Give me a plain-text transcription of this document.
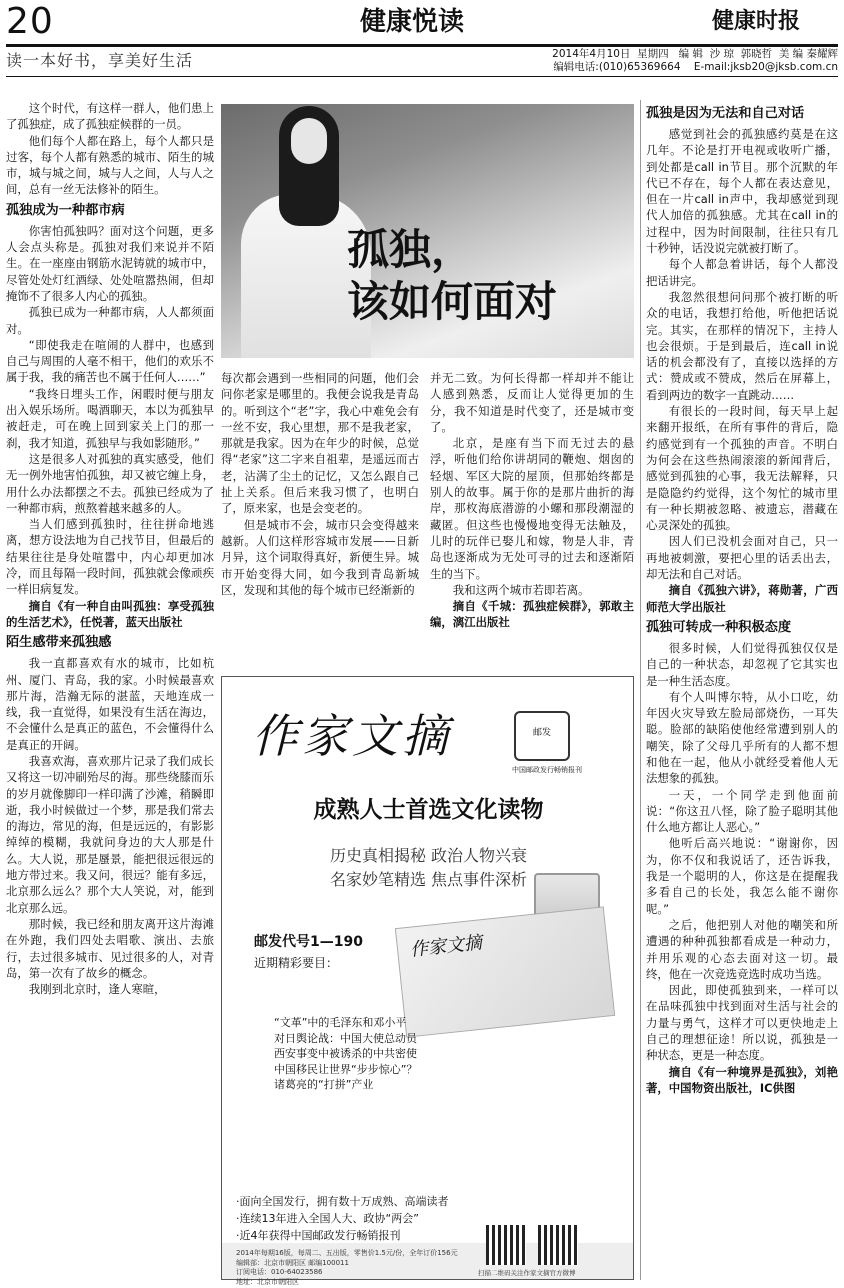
20	健康悦读	健康时报
读一本好书，享美好生活	2014年4月10日  星期四   编 辑  沙 琼  郭晓哲  美 编 秦耀辉
编辑电话:(010)65369664    E-mail:jksb20@jksb.com.cn

这个时代，有这样一群人，他们患上了孤独症，成了孤独症候群的一员。

他们每个人都在路上，每个人都只是过客，每个人都有熟悉的城市、陌生的城市，城与城之间，城与人之间，人与人之间，总有一丝无法修补的陌生。

孤独成为一种都市病

你害怕孤独吗？面对这个问题，更多人会点头称是。孤独对我们来说并不陌生。在一座座由钢筋水泥铸就的城市中，尽管处处灯红酒绿、处处喧嚣热闹，但却掩饰不了很多人内心的孤独。

孤独已成为一种都市病，人人都须面对。

“即使我走在喧闹的人群中，也感到自己与周围的人毫不相干，他们的欢乐不属于我，我的痛苦也不属于任何人……”

“我终日埋头工作，闲暇时便与朋友出入娱乐场所。喝酒聊天，本以为孤独早被赶走，可在晚上回到家关上门的那一刹，我才知道，孤独早与我如影随形。”

这是很多人对孤独的真实感受，他们无一例外地害怕孤独，却又被它缠上身，用什么办法都摆之不去。孤独已经成为了一种都市病，煎熬着越来越多的人。

当人们感到孤独时，往往拼命地逃离，想方设法地为自己找节目，但最后的结果往往是身处喧嚣中，内心却更加冰冷，而且每隔一段时间，孤独就会像顽疾一样旧病复发。

摘自《有一种自由叫孤独：享受孤独的生活艺术》，任悦著，蓝天出版社

陌生感带来孤独感

我一直都喜欢有水的城市，比如杭州、厦门、青岛，我的家。小时候最喜欢那片海，浩瀚无际的湛蓝，天地连成一线，我一直觉得，如果没有生活在海边，不会懂什么是真正的蓝色，不会懂得什么是真正的开阔。

我喜欢海，喜欢那片记录了我们成长又将这一切冲刷殆尽的海。那些绕膝而乐的岁月就像脚印一样印满了沙滩，稍瞬即逝，我小时候做过一个梦，那是我们常去的海边，常见的海，但是远远的，有影影绰绰的模糊，我就问身边的大人那是什么。大人说，那是蜃景，能把很远很远的地方带过来。我又问，很远？能有多远，北京那么远么？那个大人笑说，对，能到北京那么远。

那时候，我已经和朋友离开这片海滩在外跑，我们四处去唱歌、演出、去旅行，去过很多城市、见过很多的人，对青岛，第一次有了故乡的概念。

我刚到北京时，逢人寒暄，

孤独，
该如何面对

每次都会遇到一些相同的问题，他们会问你老家是哪里的。我便会说我是青岛的。听到这个“老”字，我心中难免会有一丝不安，我心里想，那不是我老家，那就是我家。因为在年少的时候，总觉得“老家”这二字来自祖辈，是遥远而古老，沾满了尘土的记忆，又怎么跟自己扯上关系。但后来我习惯了，也明白了，原来家，也是会变老的。

但是城市不会，城市只会变得越来越新。人们这样形容城市发展——日新月异，这个词取得真好，新便生异。城市开始变得大同，如今我到青岛新城区，发现和其他的每个城市已经渐新的

并无二致。为何长得都一样却并不能让人感到熟悉，反而让人觉得更加的生分，我不知道是时代变了，还是城市变了。

北京，是座有当下而无过去的悬浮，听他们给你讲胡同的鞭炮、烟囱的轻烟、军区大院的屋顶，但那始终都是别人的故事。属于你的是那片曲折的海岸，那枚海底潜游的小螺和那段潮湿的藏匿。但这些也慢慢地变得无法触及，儿时的玩伴已娶儿和嫁，物是人非，青岛也逐渐成为无处可寻的过去和逐渐陌生的当下。

我和这两个城市若即若离。

摘自《千城：孤独症候群》，郭敢主编，漓江出版社

作家文摘	邮发
中国邮政发行畅销报刊
成熟人士首选文化读物
历史真相揭秘 政治人物兴衰
名家妙笔精选 焦点事件深析
作家文摘
邮发代号1—190
近期精彩要目：
“文革”中的毛泽东和邓小平
对日舆论战：中国大使总动员
西安事变中被诱杀的中共密使
中国移民让世界“步步惊心”？
诸葛亮的“打拼”产业
·面向全国发行，拥有数十万成熟、高端读者
·连续13年进入全国人大、政协“两会”
·近4年获得中国邮政发行畅销报刊
2014年每期16版，每周二、五出版，零售价1.5元/份，全年订价156元
编辑部：北京市朝阳区 邮编100011
订阅电话：010-64023586
地址：北京市朝阳区
扫描二维码关注作家文摘官方微博
孤独是因为无法和自己对话

感觉到社会的孤独感约莫是在这几年。不论是打开电视或收听广播，到处都是call in节目。那个沉默的年代已不存在，每个人都在表达意见，但在一片call in声中，我却感觉到现代人加倍的孤独感。尤其在call in的过程中，因为时间限制，往往只有几十秒钟，话没说完就被打断了。

每个人都急着讲话，每个人都没把话讲完。

我忽然很想问问那个被打断的听众的电话，我想打给他，听他把话说完。其实，在那样的情况下，主持人也会很烦。于是到最后，连call in说话的机会都没有了，直接以选择的方式：赞成或不赞成，然后在屏幕上，看到两边的数字一直跳动……

有很长的一段时间，每天早上起来翻开报纸，在所有事件的背后，隐约感觉到有一个孤独的声音。不明白为何会在这些热闹滚滚的新闻背后，感觉到孤独的心事，我无法解释，只是隐隐约约觉得，这个匆忙的城市里有一种长期被忽略、被遗忘，潜藏在心灵深处的孤独。

因人们已没机会面对自己，只一再地被刺激，要把心里的话丢出去，却无法和自己对话。

摘自《孤独六讲》，蒋勋著，广西师范大学出版社

孤独可转成一种积极态度

很多时候，人们觉得孤独仅仅是自己的一种状态，却忽视了它其实也是一种生活态度。

有个人叫博尔特，从小口吃，幼年因火灾导致左脸局部烧伤，一耳失聪。脸部的缺陷使他经常遭到别人的嘲笑，除了父母几乎所有的人都不想和他在一起，他从小就经受着他人无法想象的孤独。

一天，一个同学走到他面前说：“你这丑八怪，除了脸子聪明其他什么地方都让人恶心。”

他听后高兴地说：“谢谢你，因为，你不仅和我说话了，还告诉我，我是一个聪明的人，你这是在提醒我多看自己的长处，我怎么能不谢你呢。”

之后，他把别人对他的嘲笑和所遭遇的种种孤独都看成是一种动力，并用乐观的心态去面对这一切。最终，他在一次竞选竞选时成功当选。

因此，即使孤独到来，一样可以在品味孤独中找到面对生活与社会的力量与勇气，这样才可以更快地走上自己的理想征途！所以说，孤独是一种状态，更是一种态度。

摘自《有一种境界是孤独》，刘艳著，中国物资出版社，IC供图
